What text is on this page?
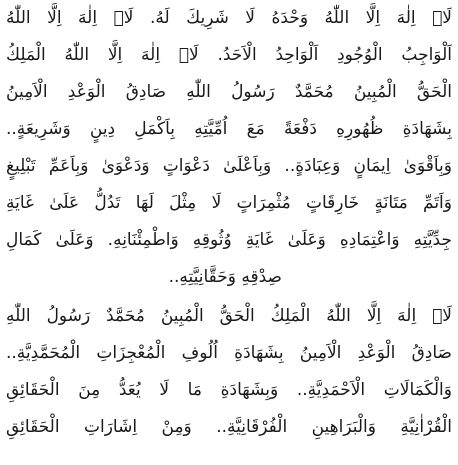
لَاۤ اِلٰهَ اِلَّا اللّٰهُ وَحْدَهُ لَا شَرِيكَ لَهُ. لَاۤ اِلٰهَ اِلَّا اللّٰهُ
اَلْوَاجِبُ الْوُجُودِ اَلْوَاحِدُ الْاَحَدُ. لَاۤ اِلٰهَ اِلَّا اللّٰهُ الْمَلِكُ
الْحَقُّ الْمُبِينُ مُحَمَّدٌ رَسُولُ اللّٰهِ صَادِقُ الْوَعْدِ الْاَمِينُ
بِشَهَادَةِ ظُهُورِهِ دَفْعَةً مَعَ اُمِّيَّتِهِ بِاَكْمَلِ دِينٍ وَشَرِيعَةٍ..
وَبِاَقْوَىٰ اِيمَانٍ وَعِبَادَةٍ.. وَبِاَعْلَىٰ دَعْوَاتٍ وَدَعْوَىٰ وَبِاَعَمِّ تَبْلِيغٍ
وَاَتَمِّ مَتَانَةٍ خَارِقَاتٍ مُثْمِرَاتٍ لَا مِثْلَ لَهَا تَدُلُّ عَلَىٰ غَايَةِ
جِدِّيَّتِهِ وَاعْتِمَادِهِ وَعَلَىٰ غَايَةِ وُثُوقِهِ وَاطْمِئْنَانِهِ. وَعَلَىٰ كَمَالِ
صِدْقِهِ وَحَقَّانِيَّتِهِ..
لَاۤ اِلٰهَ اِلَّا اللّٰهُ الْمَلِكُ الْحَقُّ الْمُبِينُ مُحَمَّدٌ رَسُولُ اللّٰهِ
صَادِقُ الْوَعْدِ الْاَمِينُ بِشَهَادَةِ اُلُوفِ الْمُعْجِزَاتِ الْمُحَمَّدِيَّةِ..
وَالْكَمَالَاتِ الْاَحْمَدِيَّةِ.. وَبِشَهَادَةِ مَا لَا يُعَدُّ مِنَ الْحَقَائِقِ
الْقُرْاٰنِيَّةِ وَالْبَرَاهِينِ الْفُرْقَانِيَّةِ.. وَمِنْ اِشَارَاتِ الْحَقَائِقِ
